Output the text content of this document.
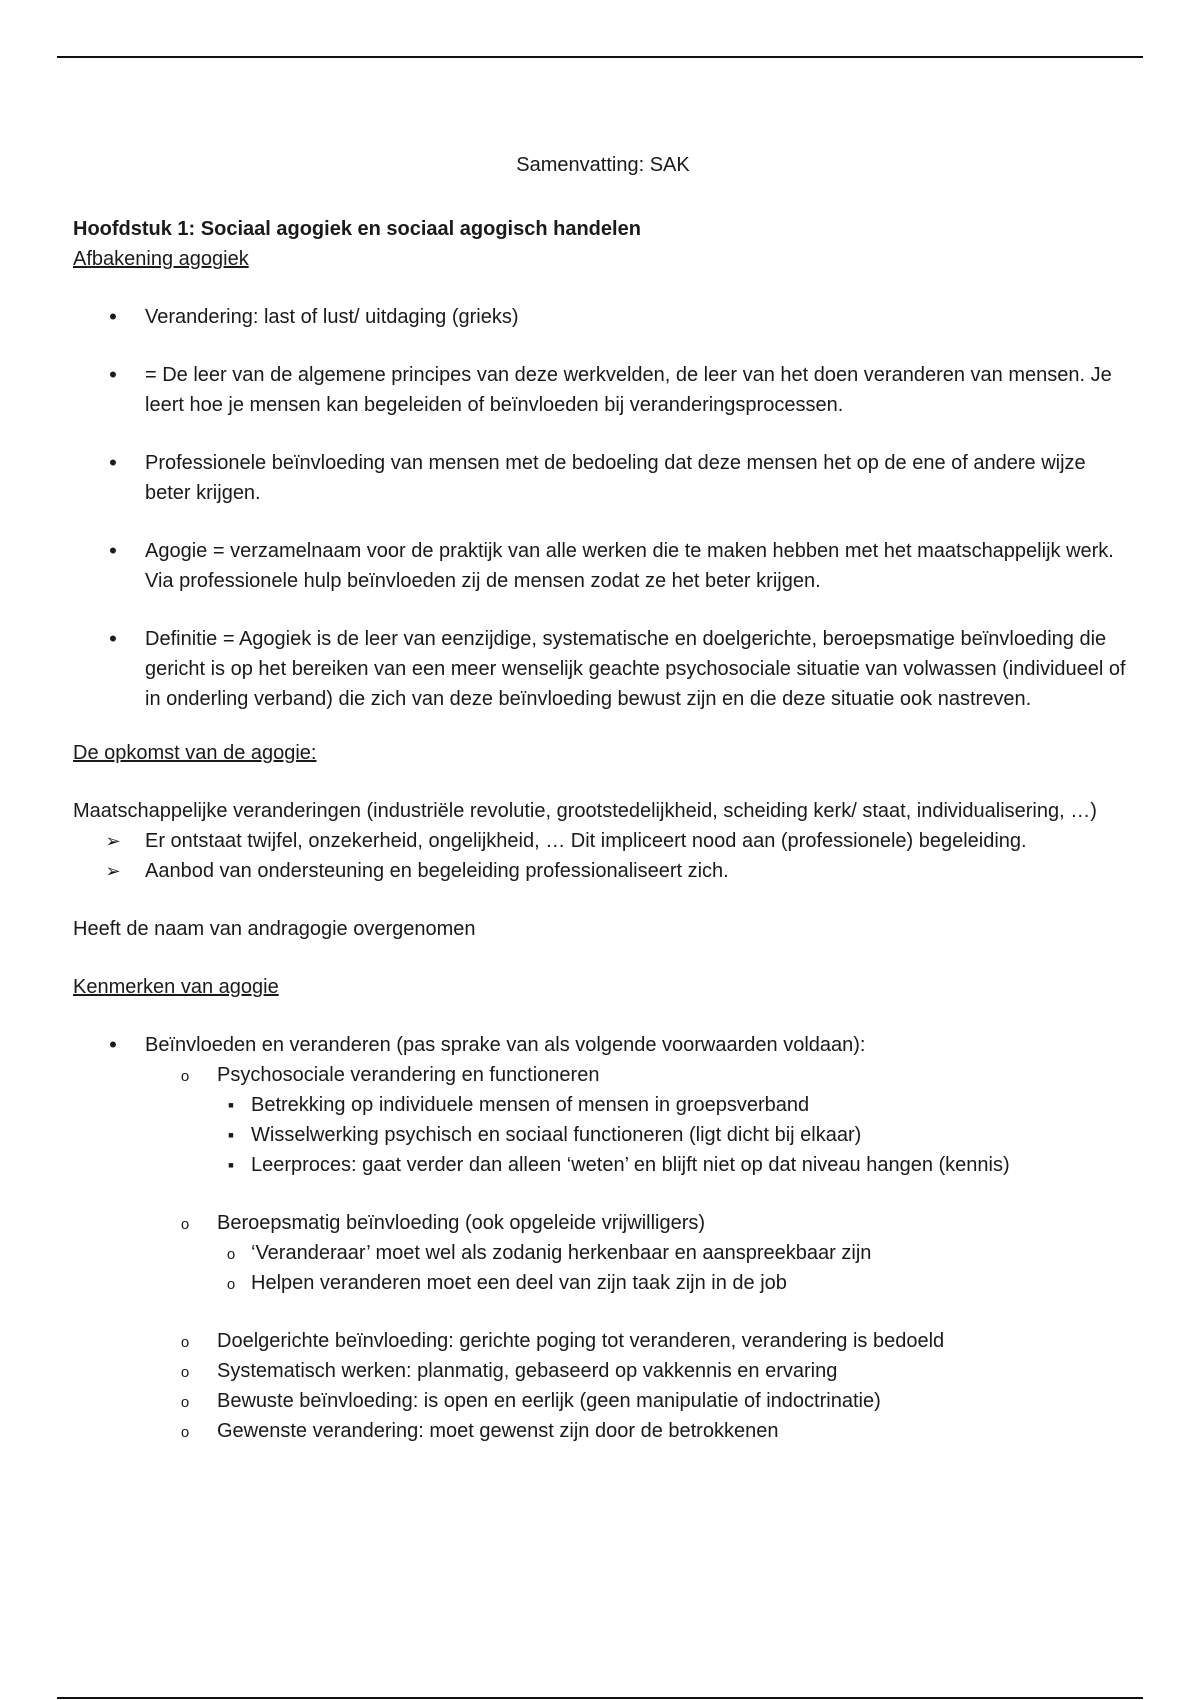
Samenvatting: SAK

Hoofdstuk 1: Sociaal agogiek en sociaal agogisch handelen

Afbakening agogiek

•
Verandering: last of lust/ uitdaging (grieks)
•
= De leer van de algemene principes van deze werkvelden, de leer van het doen veranderen van mensen. Je leert hoe je mensen kan begeleiden of beïnvloeden bij veranderingsprocessen.
•
Professionele beïnvloeding van mensen met de bedoeling dat deze mensen het op de ene of andere wijze beter krijgen.
•
Agogie = verzamelnaam voor de praktijk van alle werken die te maken hebben met het maatschappelijk werk. Via professionele hulp beïnvloeden zij de mensen zodat ze het beter krijgen.
•
Definitie = Agogiek is de leer van eenzijdige, systematische en doelgerichte, beroepsmatige beïnvloeding die gericht is op het bereiken van een meer wenselijk geachte psychosociale situatie van volwassen (individueel of in onderling verband) die zich van deze beïnvloeding bewust zijn en die deze situatie ook nastreven.

De opkomst van de agogie:

Maatschappelijke veranderingen (industriële revolutie, grootstedelijkheid, scheiding kerk/ staat, individualisering, …)

➢
Er ontstaat twijfel, onzekerheid, ongelijkheid, … Dit impliceert nood aan (professionele) begeleiding.
➢
Aanbod van ondersteuning en begeleiding professionaliseert zich.

Heeft de naam van andragogie overgenomen

Kenmerken van agogie

•
Beïnvloeden en veranderen (pas sprake van als volgende voorwaarden voldaan):
o
Psychosociale verandering en functioneren
▪
Betrekking op individuele mensen of mensen in groepsverband
▪
Wisselwerking psychisch en sociaal functioneren (ligt dicht bij elkaar)
▪
Leerproces: gaat verder dan alleen ‘weten’ en blijft niet op dat niveau hangen (kennis)
o
Beroepsmatig beïnvloeding (ook opgeleide vrijwilligers)
o
‘Veranderaar’ moet wel als zodanig herkenbaar en aanspreekbaar zijn
o
Helpen veranderen moet een deel van zijn taak zijn in de job
o
Doelgerichte beïnvloeding: gerichte poging tot veranderen, verandering is bedoeld
o
Systematisch werken: planmatig, gebaseerd op vakkennis en ervaring
o
Bewuste beïnvloeding: is open en eerlijk (geen manipulatie of indoctrinatie)
o
Gewenste verandering: moet gewenst zijn door de betrokkenen
